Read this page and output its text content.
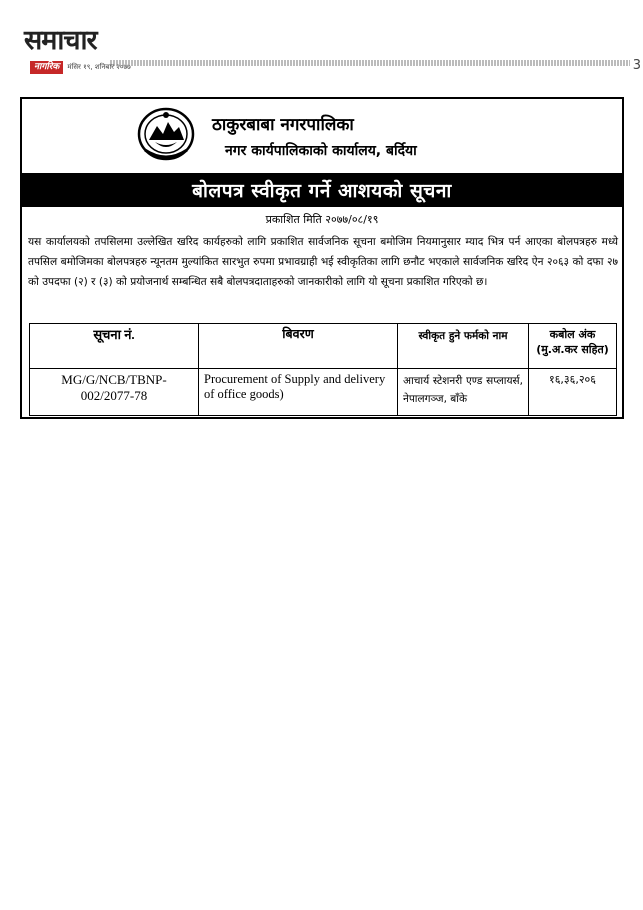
समाचार
नागरिक	मंसिर १९, शनिबार २०७७	3
ठाकुरबाबा नगरपालिका
नगर कार्यपालिकाको कार्यालय, बर्दिया
बोलपत्र स्वीकृत गर्ने आशयको सूचना
प्रकाशित मिति २०७७/०८/१९
यस कार्यालयको तपसिलमा उल्लेखित खरिद कार्यहरुको लागि प्रकाशित सार्वजनिक सूचना बमोजिम नियमानुसार म्याद भित्र पर्न आएका बोलपत्रहरु मध्ये तपसिल बमोजिमका बोलपत्रहरु न्यूनतम मुल्यांकित सारभुत रुपमा प्रभावग्राही भई स्वीकृतिका लागि छनौट भएकाले सार्वजनिक खरिद ऐन २०६३ को दफा २७ को उपदफा (२) र (३) को प्रयोजनार्थ सम्बन्धित सबै बोलपत्रदाताहरुको जानकारीको लागि यो सूचना प्रकाशित गरिएको छ।
सूचना नं.	बिवरण	स्वीकृत हुने फर्मको नाम	कबोल अंक (मु.अ.कर सहित)
MG/G/NCB/TBNP-002/2077-78	Procurement of Supply and delivery of office goods)	आचार्य स्टेशनरी एण्ड सप्लायर्स, नेपालगञ्ज, बाँके	१६,३६,२०६
